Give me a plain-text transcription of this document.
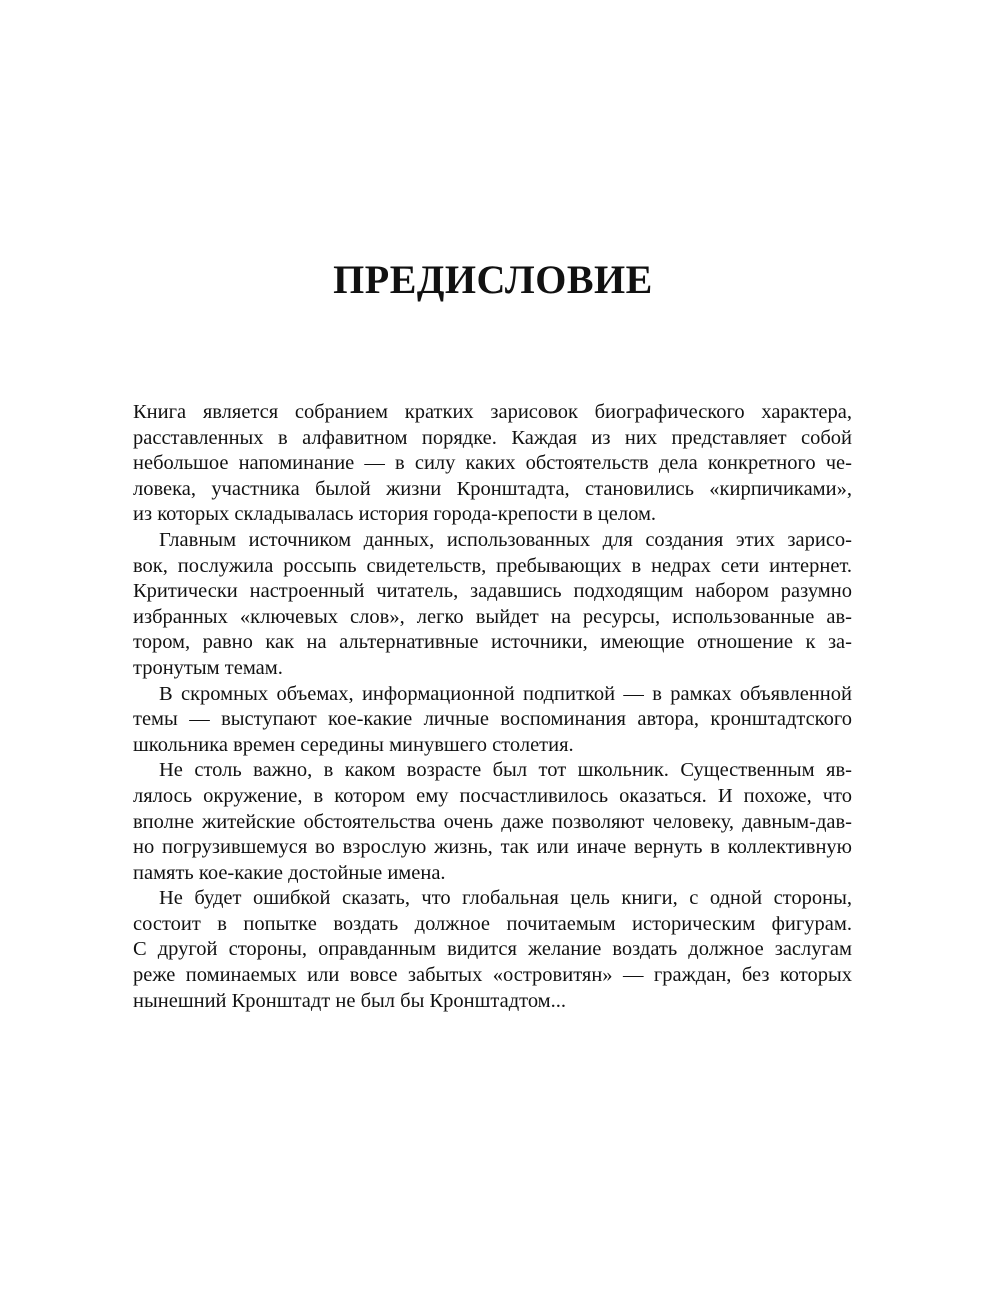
ПРЕДИСЛОВИЕ
Книга является собранием кратких зарисовок биографического характера,
расставленных в алфавитном порядке. Каждая из них представляет собой
небольшое напоминание — в силу каких обстоятельств дела конкретного че-
ловека, участника былой жизни Кронштадта, становились «кирпичиками»,
из которых складывалась история города-крепости в целом.
Главным источником данных, использованных для создания этих зарисо-
вок, послужила россыпь свидетельств, пребывающих в недрах сети интернет.
Критически настроенный читатель, задавшись подходящим набором разумно
избранных «ключевых слов», легко выйдет на ресурсы, использованные ав-
тором, равно как на альтернативные источники, имеющие отношение к за-
тронутым темам.
В скромных объемах, информационной подпиткой — в рамках объявленной
темы — выступают кое-какие личные воспоминания автора, кронштадтского
школьника времен середины минувшего столетия.
Не столь важно, в каком возрасте был тот школьник. Существенным яв-
лялось окружение, в котором ему посчастливилось оказаться. И похоже, что
вполне житейские обстоятельства очень даже позволяют человеку, давным-дав-
но погрузившемуся во взрослую жизнь, так или иначе вернуть в коллективную
память кое-какие достойные имена.
Не будет ошибкой сказать, что глобальная цель книги, с одной стороны,
состоит в попытке воздать должное почитаемым историческим фигурам.
С другой стороны, оправданным видится желание воздать должное заслугам
реже поминаемых или вовсе забытых «островитян» — граждан, без которых
нынешний Кронштадт не был бы Кронштадтом...
